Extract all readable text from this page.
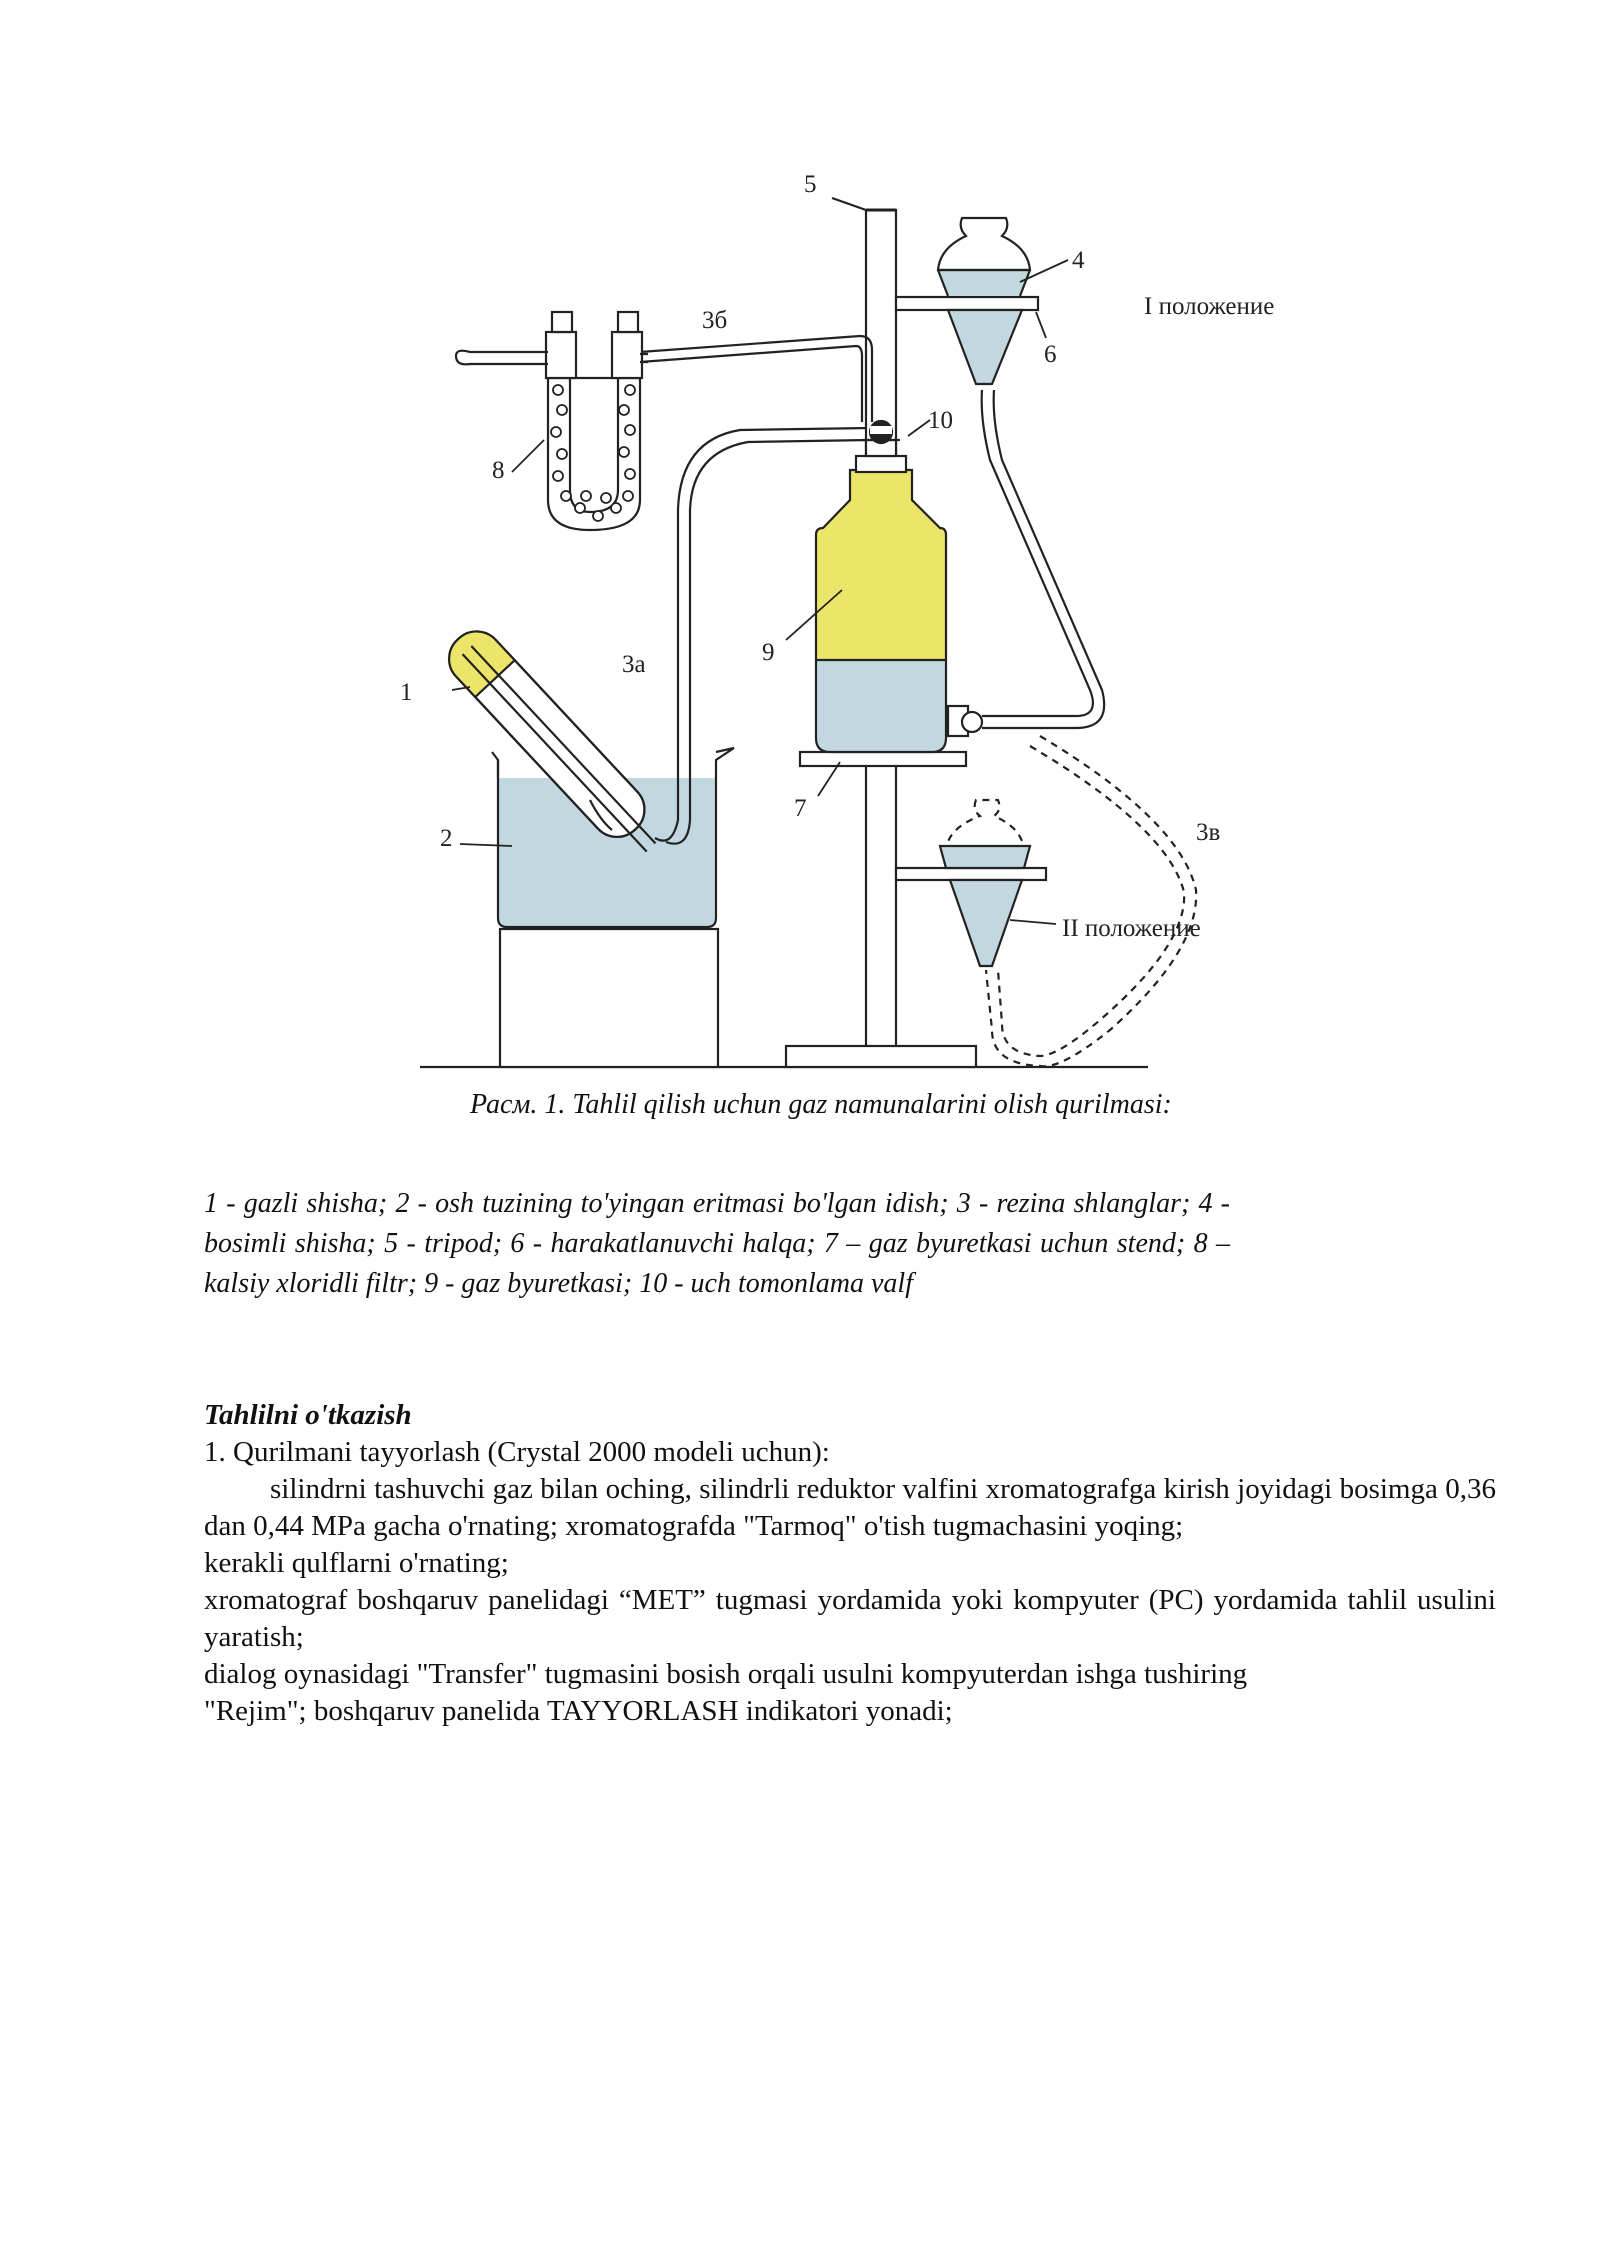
5
4
3б
6
10
8
9
3а
1
7
3в
2
I положение
II положение
Расм. 1. Tahlil qilish uchun gaz namunalarini olish qurilmasi:
1 - gazli shisha; 2 - osh tuzining to'yingan eritmasi bo'lgan idish; 3 - rezina shlanglar; 4 - bosimli shisha; 5 - tripod; 6 - harakatlanuvchi halqa; 7 – gaz byuretkasi uchun stend; 8 – kalsiy xloridli filtr; 9 - gaz byuretkasi; 10 - uch tomonlama valf
Tahlilni o'tkazish

1. Qurilmani tayyorlash (Crystal 2000 modeli uchun):

silindrni tashuvchi gaz bilan oching, silindrli reduktor valfini xromatografga kirish joyidagi bosimga 0,36 dan 0,44 MPa gacha o'rnating; xromatografda "Tarmoq" o'tish tugmachasini yoqing;

kerakli qulflarni o'rnating;

xromatograf boshqaruv panelidagi “MET” tugmasi yordamida yoki kompyuter (PC) yordamida tahlil usulini yaratish;

dialog oynasidagi "Transfer" tugmasini bosish orqali usulni kompyuterdan ishga tushiring

"Rejim"; boshqaruv panelida TAYYORLASH indikatori yonadi;
